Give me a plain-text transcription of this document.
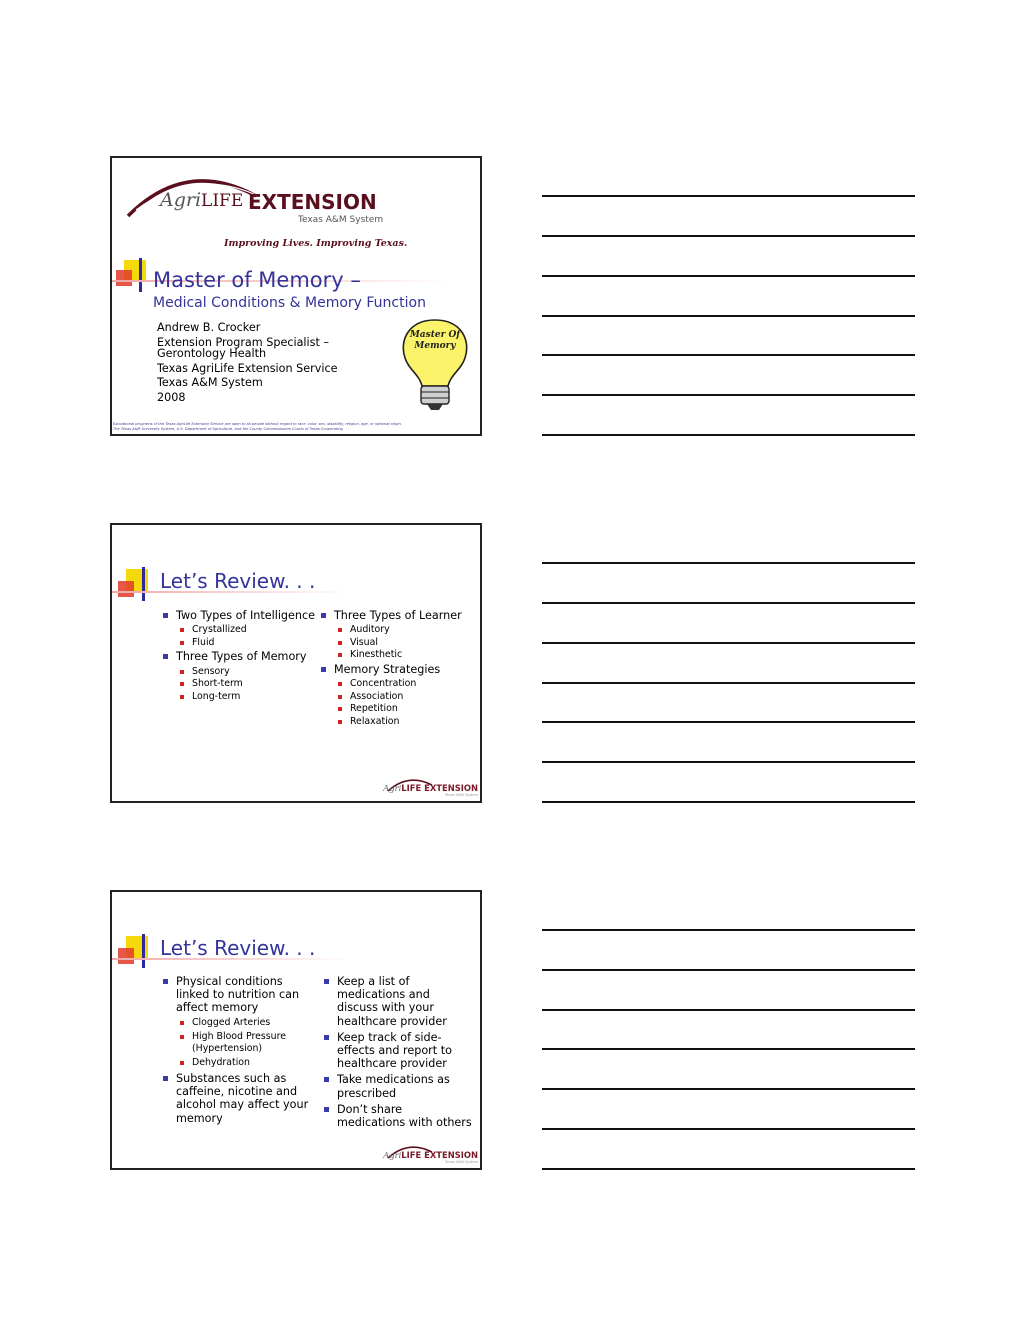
AgriLIFE EXTENSION
Texas A&M System
Improving Lives. Improving Texas.
Master of Memory –
Medical Conditions & Memory Function
Andrew B. Crocker
Extension Program Specialist –
Gerontology Health
Texas AgriLife Extension Service
Texas A&M System
2008
Master Of
Memory
Educational programs of the Texas AgriLife Extension Service are open to all people without regard to race, color, sex, disability, religion, age, or national origin.
The Texas A&M University System, U.S. Department of Agriculture, and the County Commissioners Courts of Texas Cooperating
Let’s Review. . .
Two Types of Intelligence
Crystallized
Fluid
Three Types of Memory
Sensory
Short-term
Long-term
Three Types of Learner
Auditory
Visual
Kinesthetic
Memory Strategies
Concentration
Association
Repetition
Relaxation
AgriLIFE EXTENSION
Texas A&M System
Let’s Review. . .
Physical conditions linked to nutrition can affect memory
Clogged Arteries
High Blood Pressure (Hypertension)
Dehydration
Substances such as caffeine, nicotine and alcohol may affect your memory
Keep a list of medications and discuss with your healthcare provider
Keep track of side-effects and report to healthcare provider
Take medications as prescribed
Don’t share medications with others
AgriLIFE EXTENSION
Texas A&M System
